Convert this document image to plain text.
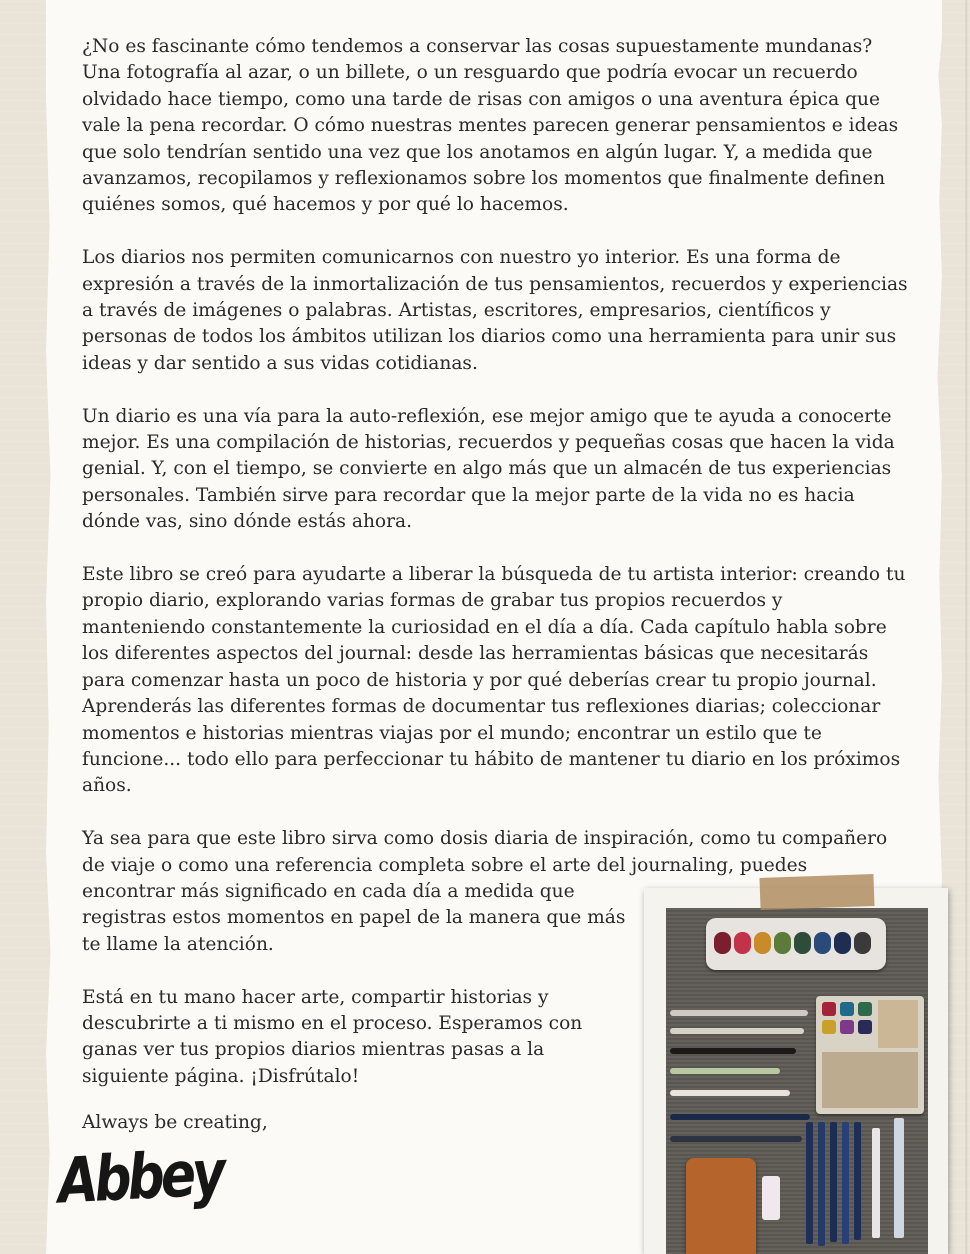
¿No es fascinante cómo tendemos a conservar las cosas supuestamente mundanas? Una fotografía al azar, o un billete, o un resguardo que podría evocar un recuerdo olvidado hace tiempo, como una tarde de risas con amigos o una aventura épica que vale la pena recordar. O cómo nuestras mentes parecen generar pensamientos e ideas que solo tendrían sentido una vez que los anotamos en algún lugar. Y, a medida que avanzamos, recopilamos y reflexionamos sobre los momentos que finalmente definen quiénes somos, qué hacemos y por qué lo hacemos.

Los diarios nos permiten comunicarnos con nuestro yo interior. Es una forma de expresión a través de la inmortalización de tus pensamientos, recuerdos y experiencias a través de imágenes o palabras. Artistas, escritores, empresarios, científicos y personas de todos los ámbitos utilizan los diarios como una herramienta para unir sus ideas y dar sentido a sus vidas cotidianas.

Un diario es una vía para la auto-reflexión, ese mejor amigo que te ayuda a conocerte mejor. Es una compilación de historias, recuerdos y pequeñas cosas que hacen la vida genial. Y, con el tiempo, se convierte en algo más que un almacén de tus experiencias personales. También sirve para recordar que la mejor parte de la vida no es hacia dónde vas, sino dónde estás ahora.

Este libro se creó para ayudarte a liberar la búsqueda de tu artista interior: creando tu propio diario, explorando varias formas de grabar tus propios recuerdos y manteniendo constantemente la curiosidad en el día a día. Cada capítulo habla sobre los diferentes aspectos del journal: desde las herramientas básicas que necesitarás para comenzar hasta un poco de historia y por qué deberías crear tu propio journal. Aprenderás las diferentes formas de documentar tus reflexiones diarias; coleccionar momentos e historias mientras viajas por el mundo; encontrar un estilo que te funcione... todo ello para perfeccionar tu hábito de mantener tu diario en los próximos años.

Ya sea para que este libro sirva como dosis diaria de inspiración, como tu compañero de viaje o como una referencia completa sobre el arte del journaling, puedes

encontrar más significado en cada día a medida que registras estos momentos en papel de la manera que más te llame la atención.

Está en tu mano hacer arte, compartir historias y descubrirte a ti mismo en el proceso. Esperamos con ganas ver tus propios diarios mientras pasas a la siguiente página. ¡Disfrútalo!

Always be creating,
Abbey
